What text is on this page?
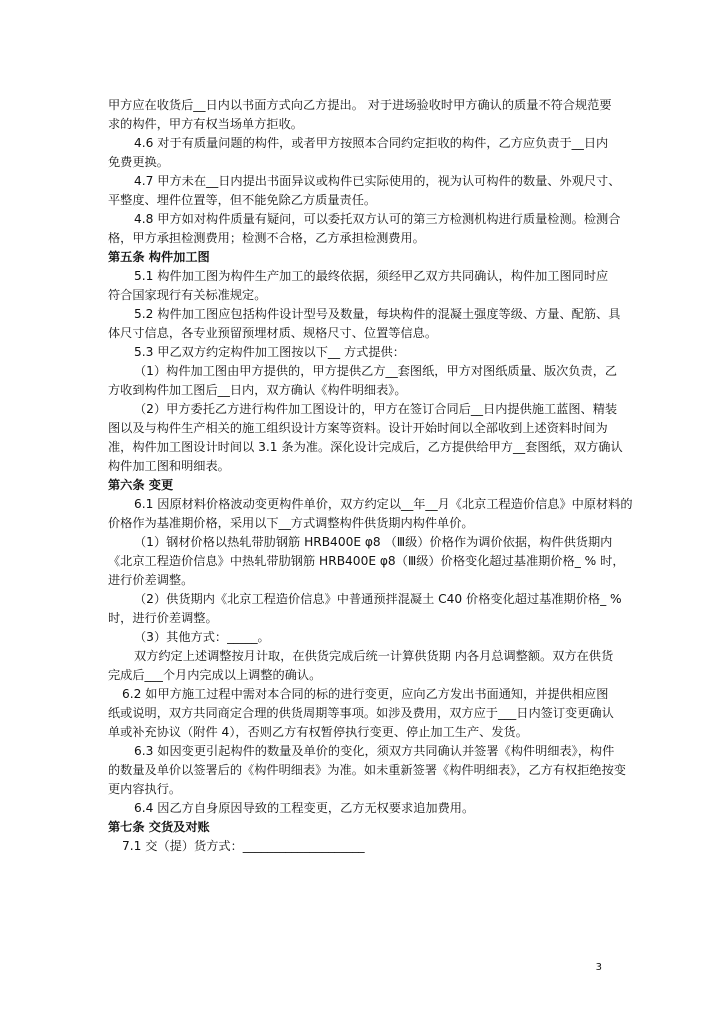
甲方应在收货后__日内以书面方式向乙方提出。 对于进场验收时甲方确认的质量不符合规范要
求的构件，甲方有权当场单方拒收。
4.6 对于有质量问题的构件，或者甲方按照本合同约定拒收的构件，乙方应负责于__日内
免费更换。
4.7 甲方未在__日内提出书面异议或构件已实际使用的，视为认可构件的数量、外观尺寸、
平整度、埋件位置等，但不能免除乙方质量责任。
4.8 甲方如对构件质量有疑问，可以委托双方认可的第三方检测机构进行质量检测。检测合
格，甲方承担检测费用；检测不合格，乙方承担检测费用。
第五条 构件加工图
5.1 构件加工图为构件生产加工的最终依据，须经甲乙双方共同确认，构件加工图同时应
符合国家现行有关标准规定。
5.2 构件加工图应包括构件设计型号及数量，每块构件的混凝土强度等级、方量、配筋、具
体尺寸信息，各专业预留预埋材质、规格尺寸、位置等信息。
5.3 甲乙双方约定构件加工图按以下__ 方式提供：
（1）构件加工图由甲方提供的，甲方提供乙方__套图纸，甲方对图纸质量、版次负责，乙
方收到构件加工图后__日内，双方确认《构件明细表》。
（2）甲方委托乙方进行构件加工图设计的，甲方在签订合同后__日内提供施工蓝图、精装
图以及与构件生产相关的施工组织设计方案等资料。设计开始时间以全部收到上述资料时间为
准，构件加工图设计时间以 3.1 条为准。深化设计完成后，乙方提供给甲方__套图纸，双方确认
构件加工图和明细表。
第六条 变更
6.1 因原材料价格波动变更构件单价，双方约定以__年__月《北京工程造价信息》中原材料的
价格作为基准期价格，采用以下__方式调整构件供货期内构件单价。
（1）钢材价格以热轧带肋钢筋 HRB400E φ8 （Ⅲ级）价格作为调价依据，构件供货期内
《北京工程造价信息》中热轧带肋钢筋 HRB400E φ8（Ⅲ级）价格变化超过基准期价格_ % 时，
进行价差调整。
（2）供货期内《北京工程造价信息》中普通预拌混凝土 C40 价格变化超过基准期价格_ %
时，进行价差调整。
（3）其他方式：_____。
双方约定上述调整按月计取，在供货完成后统一计算供货期 内各月总调整额。双方在供货
完成后___个月内完成以上调整的确认。
6.2 如甲方施工过程中需对本合同的标的进行变更，应向乙方发出书面通知，并提供相应图
纸或说明，双方共同商定合理的供货周期等事项。如涉及费用，双方应于___日内签订变更确认
单或补充协议（附件 4），否则乙方有权暂停执行变更、停止加工生产、发货。
6.3 如因变更引起构件的数量及单价的变化，须双方共同确认并签署《构件明细表》，构件
的数量及单价以签署后的《构件明细表》为准。如未重新签署《构件明细表》，乙方有权拒绝按变
更内容执行。
6.4 因乙方自身原因导致的工程变更，乙方无权要求追加费用。
第七条 交货及对账
7.1 交（提）货方式：____________________
3
